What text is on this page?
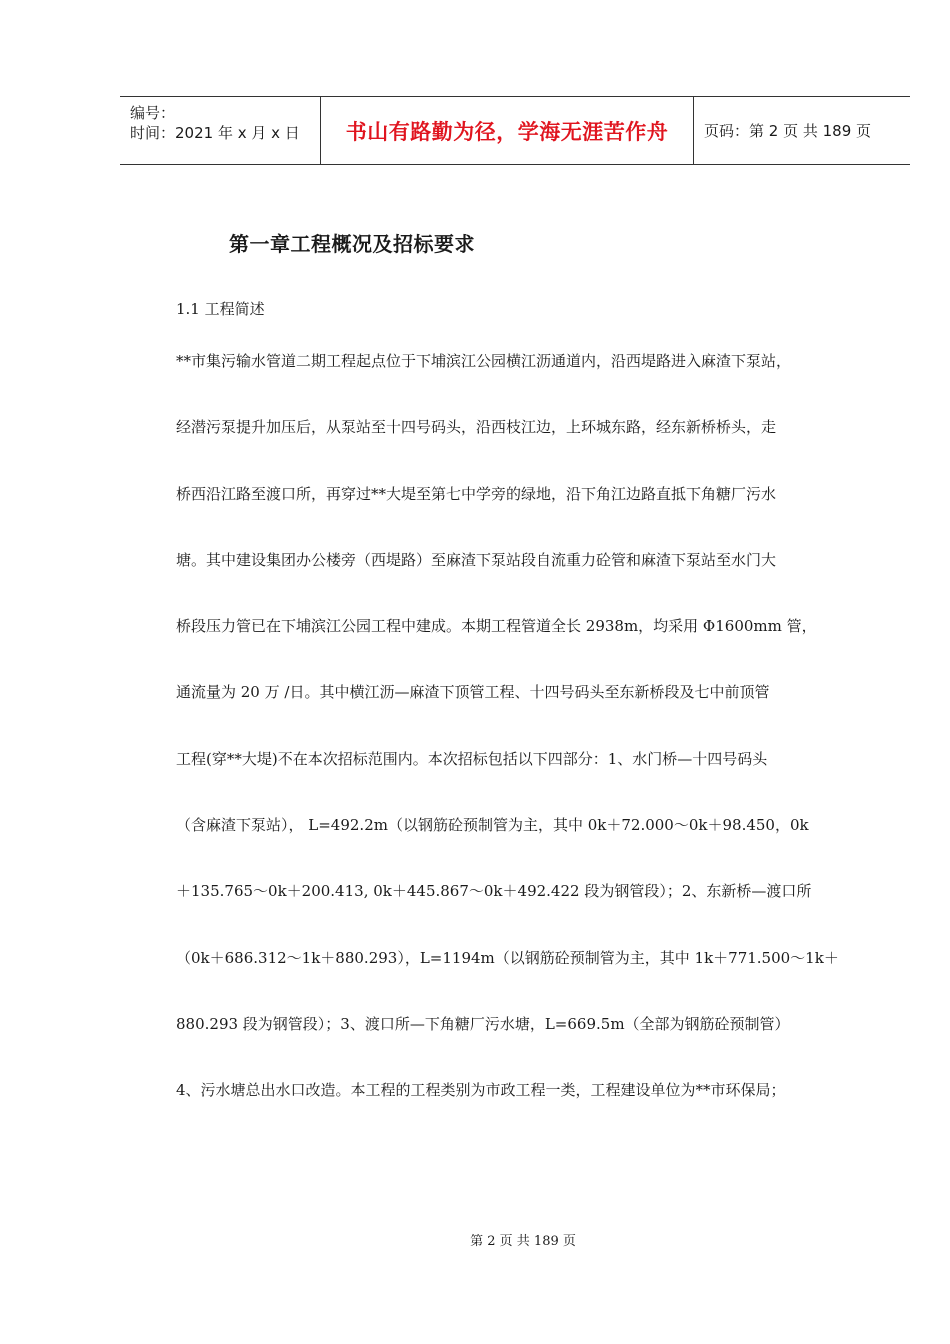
编号：
时间：2021 年 x 月 x 日	书山有路勤为径，学海无涯苦作舟 页码：第 2 页 共 189 页
第一章工程概况及招标要求
1.1 工程简述
**市集污输水管道二期工程起点位于下埔滨江公园横江沥通道内，沿西堤路进入麻渣下泵站，
经潜污泵提升加压后，从泵站至十四号码头，沿西枝江边，上环城东路，经东新桥桥头，走
桥西沿江路至渡口所，再穿过**大堤至第七中学旁的绿地，沿下角江边路直抵下角糖厂污水
塘。其中建设集团办公楼旁（西堤路）至麻渣下泵站段自流重力砼管和麻渣下泵站至水门大
桥段压力管已在下埔滨江公园工程中建成。本期工程管道全长 2938m，均采用 Φ1600mm 管，
通流量为 20 万 /日。其中横江沥—麻渣下顶管工程、十四号码头至东新桥段及七中前顶管
工程(穿**大堤)不在本次招标范围内。本次招标包括以下四部分：1、水门桥—十四号码头
（含麻渣下泵站）， L=492.2m（以钢筋砼预制管为主，其中 0k＋72.000～0k＋98.450，0k
＋135.765～0k＋200.413, 0k＋445.867～0k＋492.422 段为钢管段）；2、东新桥—渡口所
（0k＋686.312～1k＋880.293），L=1194m（以钢筋砼预制管为主，其中 1k＋771.500～1k＋
880.293 段为钢管段）；3、渡口所—下角糖厂污水塘，L=669.5m（全部为钢筋砼预制管）
4、污水塘总出水口改造。本工程的工程类别为市政工程一类，工程建设单位为**市环保局；
第 2 页 共 189 页
